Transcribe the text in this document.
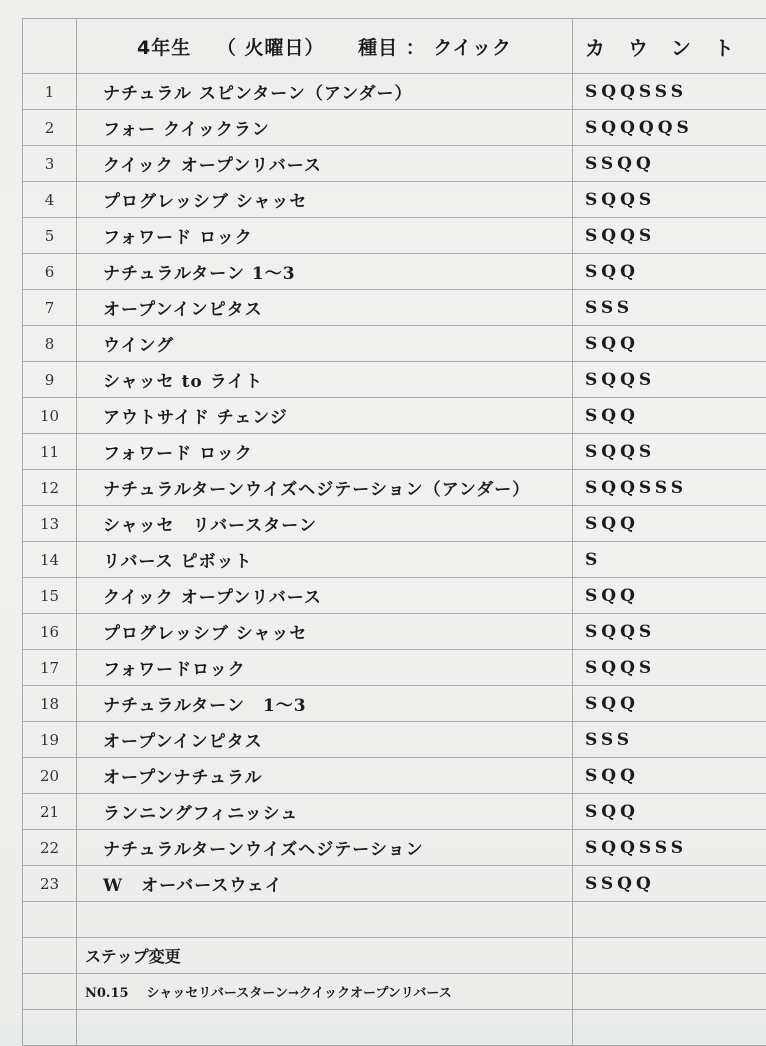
	4年生 （ 火曜日） 種目 ： クイック	カ ウ ン ト
1	ナチュラル スピンターン（アンダー）	SQQSSS
2	フォー クイックラン	SQQQQS
3	クイック オープンリバース	SSQQ
4	プログレッシブ シャッセ	SQQS
5	フォワード ロック	SQQS
6	ナチュラルターン 1～3	SQQ
7	オープンインピタス	SSS
8	ウイング	SQQ
9	シャッセ to ライト	SQQS
10	アウトサイド チェンジ	SQQ
11	フォワード ロック	SQQS
12	ナチュラルターンウイズヘジテーション（アンダー）	SQQSSS
13	シャッセ　リバースターン	SQQ
14	リバース ピボット	S
15	クイック オープンリバース	SQQ
16	プログレッシブ シャッセ	SQQS
17	フォワードロック	SQQS
18	ナチュラルターン　1～3	SQQ
19	オープンインピタス	SSS
20	オープンナチュラル	SQQ
21	ランニングフィニッシュ	SQQ
22	ナチュラルターンウイズヘジテーション	SQQSSS
23	W　オーバースウェイ	SSQQ

	ステップ変更	
	N0.15 シャッセリバースターン→クイックオープンリバース	
